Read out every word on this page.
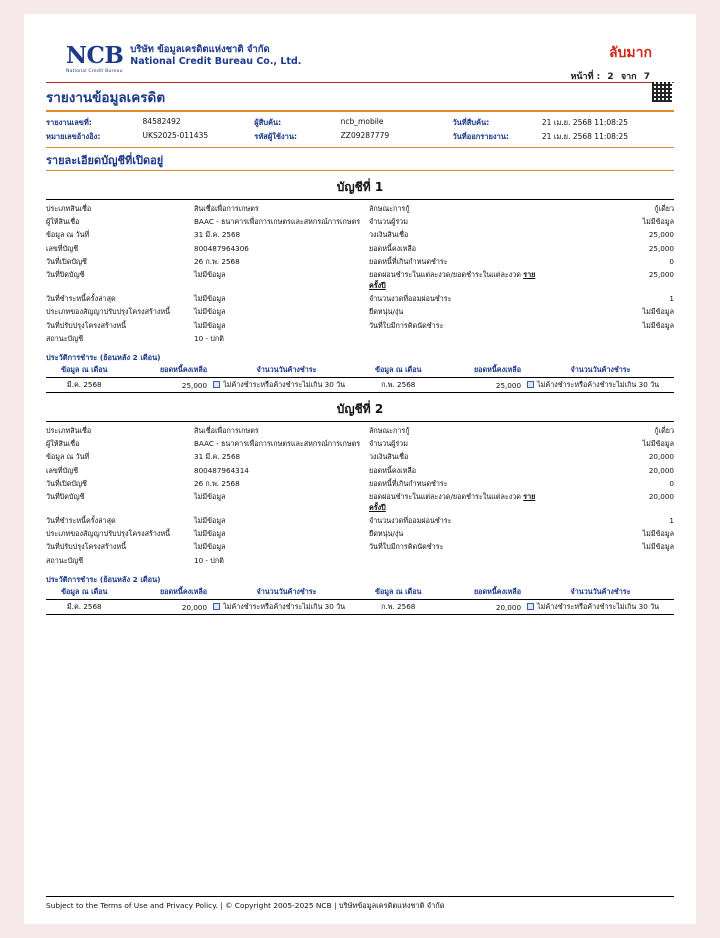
NCB
National Credit Bureau
บริษัท ข้อมูลเครดิตแห่งชาติ จำกัด
National Credit Bureau Co., Ltd.
ลับมาก
หน้าที่ : 2 จาก 7
รายงานข้อมูลเครดิต
รายงานเลขที่:	84582492	ผู้สืบค้น:	ncb_mobile	วันที่สืบค้น:	21 เม.ย. 2568 11:08:25
หมายเลขอ้างอิง:	UKS2025-011435	รหัสผู้ใช้งาน:	ZZ09287779	วันที่ออกรายงาน:	21 เม.ย. 2568 11:08:25
รายละเอียดบัญชีที่เปิดอยู่
บัญชีที่ 1
ประเภทสินเชื่อ	สินเชื่อเพื่อการเกษตร	ลักษณะการกู้	กู้เดี่ยว
ผู้ให้สินเชื่อ	BAAC - ธนาคารเพื่อการเกษตรและสหกรณ์การเกษตร	จำนวนผู้ร่วม	ไม่มีข้อมูล
ข้อมูล ณ วันที่	31 มี.ค. 2568	วงเงินสินเชื่อ	25,000
เลขที่บัญชี	800487964306	ยอดหนี้คงเหลือ	25,000
วันที่เปิดบัญชี	26 ก.พ. 2568	ยอดหนี้ที่เกินกำหนดชำระ	0
วันที่ปิดบัญชี	ไม่มีข้อมูล	ยอดผ่อนชำระในแต่ละงวด/ยอดชำระในแต่ละงวด รายครั้งปี	25,000
วันที่ชำระหนี้ครั้งล่าสุด	ไม่มีข้อมูล	จำนวนงวดที่ออมผ่อนชำระ	1
ประเภทของสัญญาปรับปรุงโครงสร้างหนี้	ไม่มีข้อมูล	ยืดหนุ่น/งุ่น	ไม่มีข้อมูล
วันที่ปรับปรุงโครงสร้างหนี้	ไม่มีข้อมูล	วันที่ใบมีการคิดนัดชำระ	ไม่มีข้อมูล
สถานะบัญชี	10 - ปกติ		
ประวัติการชำระ (ย้อนหลัง 2 เดือน)
ข้อมูล ณ เดือน	ยอดหนี้คงเหลือ	จำนวนวันค้างชำระ	ข้อมูล ณ เดือน	ยอดหนี้คงเหลือ	จำนวนวันค้างชำระ
มี.ค. 2568	25,000	ไม่ค้างชำระหรือค้างชำระไม่เกิน 30 วัน	ก.พ. 2568	25,000	ไม่ค้างชำระหรือค้างชำระไม่เกิน 30 วัน
บัญชีที่ 2
ประเภทสินเชื่อ	สินเชื่อเพื่อการเกษตร	ลักษณะการกู้	กู้เดี่ยว
ผู้ให้สินเชื่อ	BAAC - ธนาคารเพื่อการเกษตรและสหกรณ์การเกษตร	จำนวนผู้ร่วม	ไม่มีข้อมูล
ข้อมูล ณ วันที่	31 มี.ค. 2568	วงเงินสินเชื่อ	20,000
เลขที่บัญชี	800487964314	ยอดหนี้คงเหลือ	20,000
วันที่เปิดบัญชี	26 ก.พ. 2568	ยอดหนี้ที่เกินกำหนดชำระ	0
วันที่ปิดบัญชี	ไม่มีข้อมูล	ยอดผ่อนชำระในแต่ละงวด/ยอดชำระในแต่ละงวด รายครั้งปี	20,000
วันที่ชำระหนี้ครั้งล่าสุด	ไม่มีข้อมูล	จำนวนงวดที่ออมผ่อนชำระ	1
ประเภทของสัญญาปรับปรุงโครงสร้างหนี้	ไม่มีข้อมูล	ยืดหนุ่น/งุ่น	ไม่มีข้อมูล
วันที่ปรับปรุงโครงสร้างหนี้	ไม่มีข้อมูล	วันที่ใบมีการคิดนัดชำระ	ไม่มีข้อมูล
สถานะบัญชี	10 - ปกติ		
ประวัติการชำระ (ย้อนหลัง 2 เดือน)
ข้อมูล ณ เดือน	ยอดหนี้คงเหลือ	จำนวนวันค้างชำระ	ข้อมูล ณ เดือน	ยอดหนี้คงเหลือ	จำนวนวันค้างชำระ
มี.ค. 2568	20,000	ไม่ค้างชำระหรือค้างชำระไม่เกิน 30 วัน	ก.พ. 2568	20,000	ไม่ค้างชำระหรือค้างชำระไม่เกิน 30 วัน
Subject to the Terms of Use and Privacy Policy. | © Copyright 2005-2025 NCB | บริษัทข้อมูลเครดิตแห่งชาติ จำกัด
